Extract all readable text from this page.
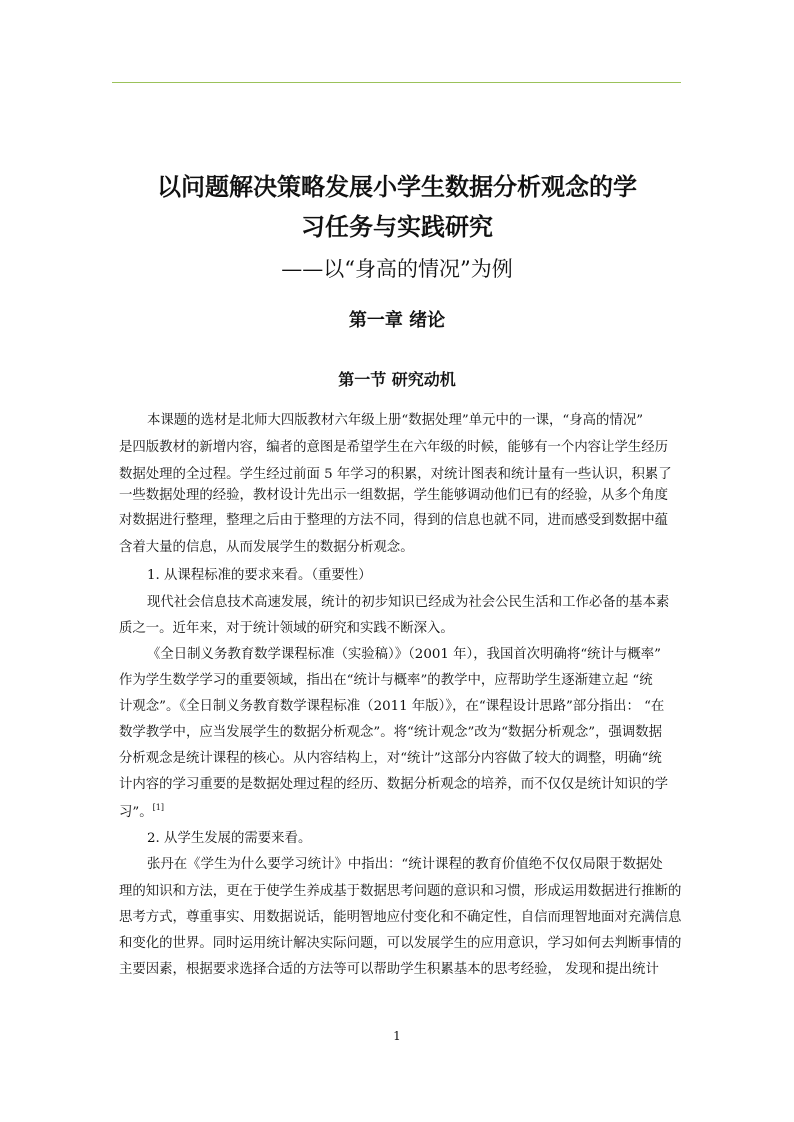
以问题解决策略发展小学生数据分析观念的学
习任务与实践研究

——以“身高的情况”为例

第一章 绪论
第一节 研究动机
本课题的选材是北师大四版教材六年级上册“数据处理”单元中的一课，“身高的情况”
是四版教材的新增内容，编者的意图是希望学生在六年级的时候，能够有一个内容让学生经历
数据处理的全过程。学生经过前面 5 年学习的积累，对统计图表和统计量有一些认识，积累了
一些数据处理的经验，教材设计先出示一组数据，学生能够调动他们已有的经验，从多个角度
对数据进行整理，整理之后由于整理的方法不同，得到的信息也就不同，进而感受到数据中蕴
含着大量的信息，从而发展学生的数据分析观念。
1. 从课程标准的要求来看。（重要性）
现代社会信息技术高速发展，统计的初步知识已经成为社会公民生活和工作必备的基本素
质之一。近年来，对于统计领域的研究和实践不断深入。
《全日制义务教育数学课程标准（实验稿）》（2001 年），我国首次明确将“统计与概率”
作为学生数学学习的重要领域，指出在“统计与概率”的教学中，应帮助学生逐渐建立起 “统
计观念”。《全日制义务教育数学课程标准（2011 年版）》，在“课程设计思路”部分指出： “在
数学教学中，应当发展学生的数据分析观念”。将“统计观念”改为“数据分析观念”，强调数据
分析观念是统计课程的核心。从内容结构上，对“统计”这部分内容做了较大的调整，明确“统
计内容的学习重要的是数据处理过程的经历、数据分析观念的培养，而不仅仅是统计知识的学
习”。[1]
2. 从学生发展的需要来看。
张丹在《学生为什么要学习统计》中指出：“统计课程的教育价值绝不仅仅局限于数据处
理的知识和方法，更在于使学生养成基于数据思考问题的意识和习惯，形成运用数据进行推断的
思考方式，尊重事实、用数据说话，能明智地应付变化和不确定性，自信而理智地面对充满信息
和变化的世界。同时运用统计解决实际问题，可以发展学生的应用意识，学习如何去判断事情的
主要因素，根据要求选择合适的方法等可以帮助学生积累基本的思考经验， 发现和提出统计
1
